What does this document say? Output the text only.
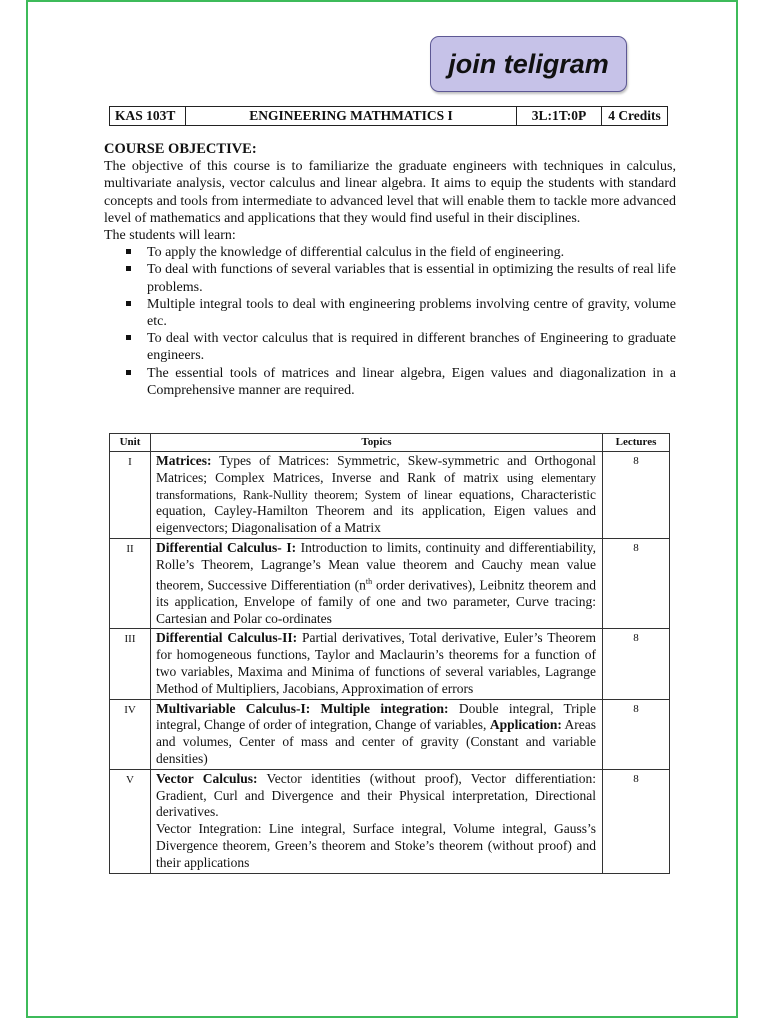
join teligram
KAS 103T	ENGINEERING MATHMATICS I	3L:1T:0P	4 Credits
COURSE OBJECTIVE:

The objective of this course is to familiarize the graduate engineers with techniques in calculus, multivariate analysis, vector calculus and linear algebra. It aims to equip the students with standard concepts and tools from intermediate to advanced level that will enable them to tackle more advanced level of mathematics and applications that they would find useful in their disciplines.

The students will learn:

To apply the knowledge of differential calculus in the field of engineering.
To deal with functions of several variables that is essential in optimizing the results of real life problems.
Multiple integral tools to deal with engineering problems involving centre of gravity, volume etc.
To deal with vector calculus that is required in different branches of Engineering to graduate engineers.
The essential tools of matrices and linear algebra, Eigen values and diagonalization in a Comprehensive manner are required.
Unit	Topics	Lectures
I	Matrices: Types of Matrices: Symmetric, Skew-symmetric and Orthogonal Matrices; Complex Matrices, Inverse and Rank of matrix using elementary transformations, Rank-Nullity theorem; System of linear equations, Characteristic equation, Cayley-Hamilton Theorem and its application, Eigen values and eigenvectors; Diagonalisation of a Matrix	8
II	Differential Calculus- I: Introduction to limits, continuity and differentiability, Rolle’s Theorem, Lagrange’s Mean value theorem and Cauchy mean value theorem, Successive Differentiation ($n^{th}$ order derivatives), Leibnitz theorem and its application, Envelope of family of one and two parameter, Curve tracing: Cartesian and Polar co-ordinates	8
III	Differential Calculus-II: Partial derivatives, Total derivative, Euler’s Theorem for homogeneous functions, Taylor and Maclaurin’s theorems for a function of two variables, Maxima and Minima of functions of several variables, Lagrange Method of Multipliers, Jacobians, Approximation of errors	8
IV	Multivariable Calculus-I: Multiple integration: Double integral, Triple integral, Change of order of integration, Change of variables, Application: Areas and volumes, Center of mass and center of gravity (Constant and variable densities)	8
V	Vector Calculus: Vector identities (without proof), Vector differentiation: Gradient, Curl and Divergence and their Physical interpretation, Directional derivatives.
Vector Integration: Line integral, Surface integral, Volume integral, Gauss’s Divergence theorem, Green’s theorem and Stoke’s theorem (without proof) and their applications	8
